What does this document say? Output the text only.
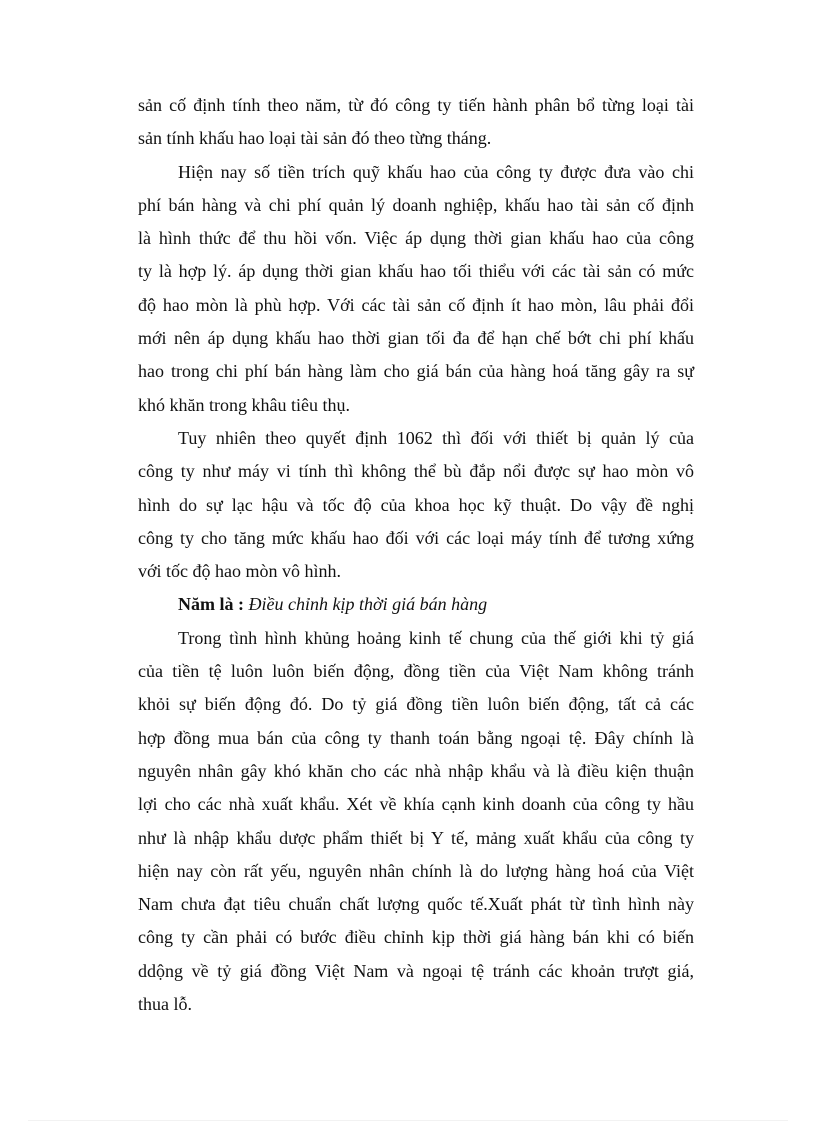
sản cố định tính theo năm, từ đó công ty tiến hành phân bổ từng loại tài
sản tính khấu hao loại tài sản đó theo từng tháng.

Hiện nay số tiền trích quỹ khấu hao của công ty được đưa vào chi
phí bán hàng và chi phí quản lý doanh nghiệp, khấu hao tài sản cố định
là hình thức để thu hồi vốn. Việc áp dụng thời gian khấu hao của công
ty là hợp lý. áp dụng thời gian khấu hao tối thiểu với các tài sản có mức
độ hao mòn là phù hợp. Với các tài sản cố định ít hao mòn, lâu phải đổi
mới nên áp dụng khấu hao thời gian tối đa để hạn chế bớt chi phí khấu
hao trong chi phí bán hàng làm cho giá bán của hàng hoá tăng gây ra sự
khó khăn trong khâu tiêu thụ.

Tuy nhiên theo quyết định 1062 thì đối với thiết bị quản lý của
công ty như máy vi tính thì không thể bù đắp nổi được sự hao mòn vô
hình do sự lạc hậu và tốc độ của khoa học kỹ thuật. Do vậy đề nghị
công ty cho tăng mức khấu hao đối với các loại máy tính để tương xứng
với tốc độ hao mòn vô hình.

Năm là : Điều chỉnh kịp thời giá bán hàng

Trong tình hình khủng hoảng kinh tế chung của thế giới khi tỷ giá
của tiền tệ luôn luôn biến động, đồng tiền của Việt Nam không tránh
khỏi sự biến động đó. Do tỷ giá đồng tiền luôn biến động, tất cả các
hợp đồng mua bán của công ty thanh toán bằng ngoại tệ. Đây chính là
nguyên nhân gây khó khăn cho các nhà nhập khẩu và là điều kiện thuận
lợi cho các nhà xuất khẩu. Xét về khía cạnh kinh doanh của công ty hầu
như là nhập khẩu dược phẩm thiết bị Y tế, mảng xuất khẩu của công ty
hiện nay còn rất yếu, nguyên nhân chính là do lượng hàng hoá của Việt
Nam chưa đạt tiêu chuẩn chất lượng quốc tế.Xuất phát từ tình hình này
công ty cần phải có bước điều chỉnh kịp thời giá hàng bán khi có biến
ddộng về tỷ giá đồng Việt Nam và ngoại tệ tránh các khoản trượt giá,
thua lỗ.
